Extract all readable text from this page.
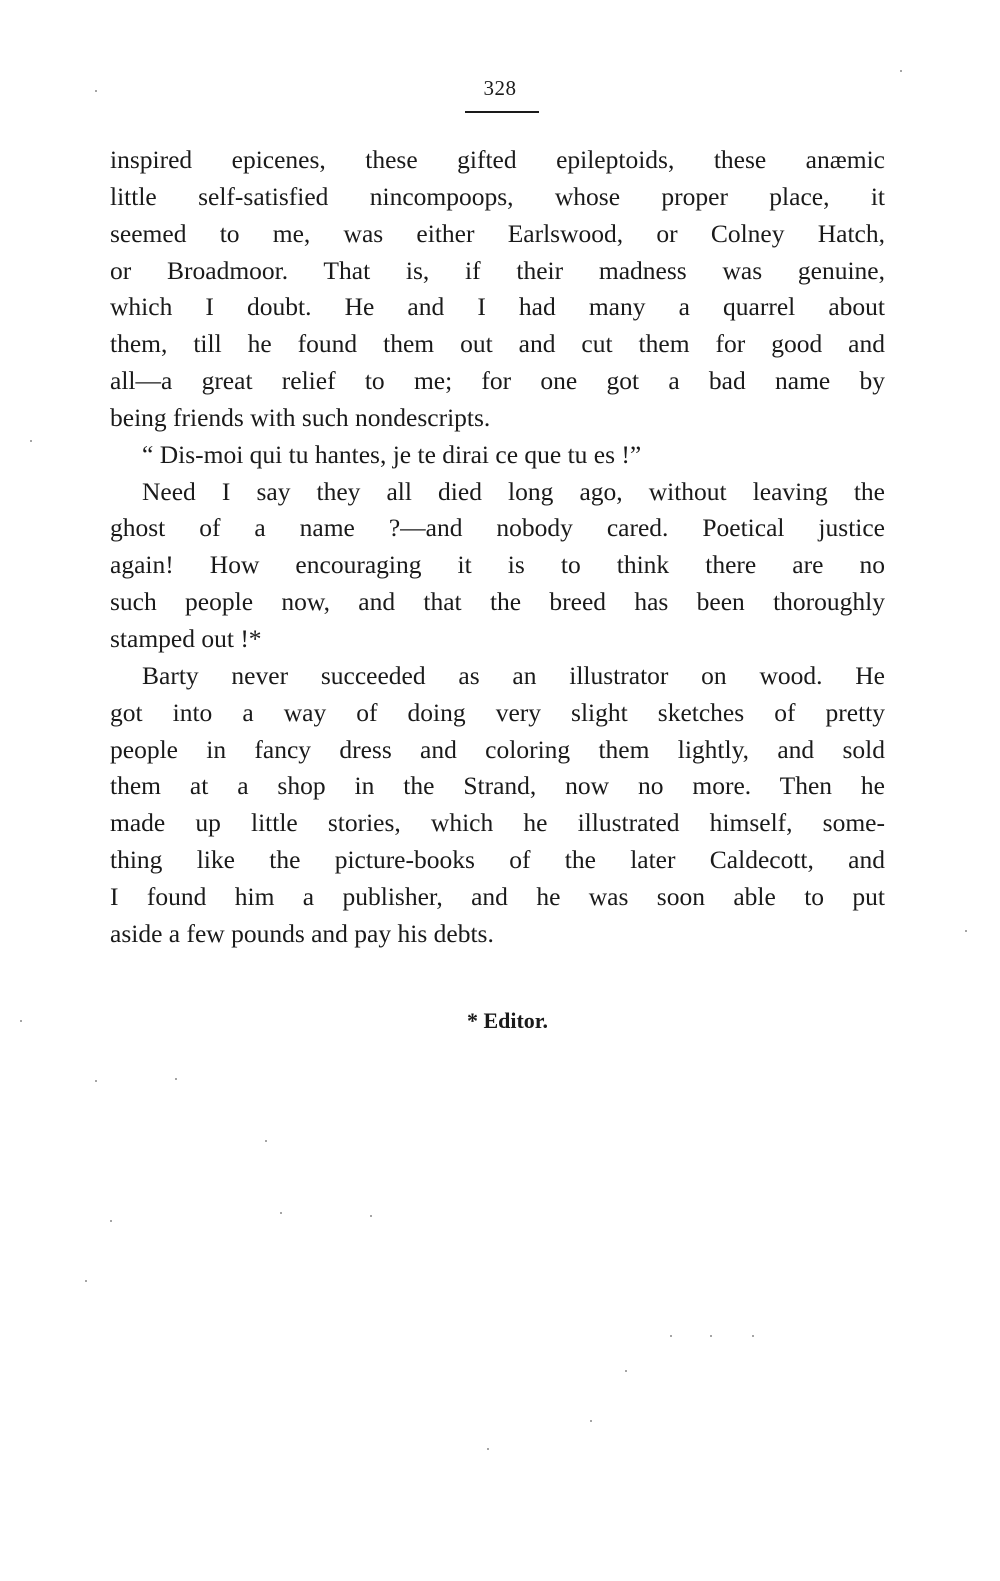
328
inspired epicenes, these gifted epileptoids, these anæmic
little self-satisfied nincompoops, whose proper place, it
seemed to me, was either Earlswood, or Colney Hatch,
or Broadmoor. That is, if their madness was genuine,
which I doubt. He and I had many a quarrel about
them, till he found them out and cut them for good and
all—a great relief to me; for one got a bad name by
being friends with such nondescripts.
“ Dis-moi qui tu hantes, je te dirai ce que tu es !”
Need I say they all died long ago, without leaving the
ghost of a name ?—and nobody cared. Poetical justice
again! How encouraging it is to think there are no
such people now, and that the breed has been thoroughly
stamped out !*
Barty never succeeded as an illustrator on wood. He
got into a way of doing very slight sketches of pretty
people in fancy dress and coloring them lightly, and sold
them at a shop in the Strand, now no more. Then he
made up little stories, which he illustrated himself, some-
thing like the picture-books of the later Caldecott, and
I found him a publisher, and he was soon able to put
aside a few pounds and pay his debts.
* Editor.
